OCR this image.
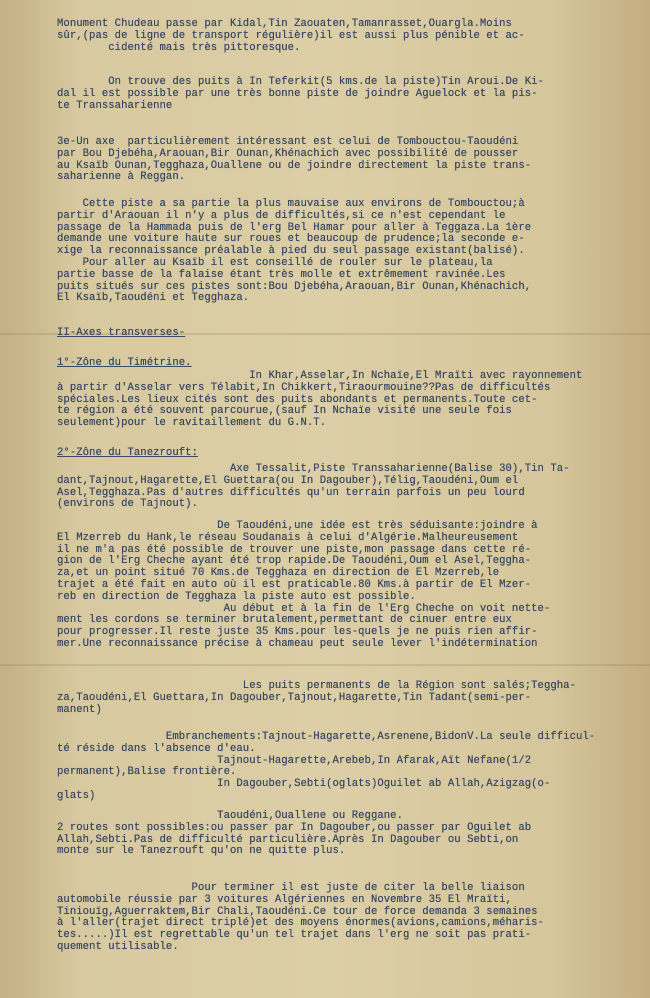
Monument Chudeau passe par Kidal,Tin Zaouaten,Tamanrasset,Ouargla.Moins
sûr,(pas de ligne de transport régulière)il est aussi plus pénible et ac-
cidenté mais très pittoresque.

On trouve des puits à In Teferkit(5 kms.de la piste)Tin Aroui.De Ki-
dal il est possible par une très bonne piste de joindre Aguelock et la pis-
te Transsaharienne

3e-Un axe  particulièrement intéressant est celui de Tombouctou-Taoudéni
par Bou Djebéha,Araouan,Bir Ounan,Khénachich avec possibilité de pousser
au Ksaïb Ounan,Tegghaza,Ouallene ou de joindre directement la piste trans-
saharienne à Reggan.

Cette piste a sa partie la plus mauvaise aux environs de Tombouctou;à
partir d'Araouan il n'y a plus de difficultés,si ce n'est cependant le
passage de la Hammada puis de l'erg Bel Hamar pour aller à Teggaza.La 1ère
demande une voiture haute sur roues et beaucoup de prudence;la seconde e-
xige la reconnaissance préalable à pied du seul passage existant(balisé).
Pour aller au Ksaïb il est conseillé de rouler sur le plateau,la
partie basse de la falaise étant très molle et extrêmement ravinée.Les
puits situés sur ces pistes sont:Bou Djebéha,Araouan,Bir Ounan,Khénachich,
El Ksaïb,Taoudéni et Tegghaza.

II-Axes transverses-

1°-Zône du Timétrine.

In Khar,Asselar,In Nchaïe,El Mraïti avec rayonnement
à partir d'Asselar vers Télabit,In Chikkert,Tiraourmouine??Pas de difficultés
spéciales.Les lieux cités sont des puits abondants et permanents.Toute cet-
te région a été souvent parcourue,(sauf In Nchaïe visité une seule fois
seulement)pour le ravitaillement du G.N.T.

2°-Zône du Tanezrouft:

Axe Tessalit,Piste Transsaharienne(Balise 30),Tin Ta-
dant,Tajnout,Hagarette,El Guettara(ou In Dagouber),Télig,Taoudéni,Oum el
Asel,Tegghaza.Pas d'autres difficultés qu'un terrain parfois un peu lourd
(environs de Tajnout).

De Taoudéni,une idée est très séduisante:joindre à
El Mzerreb du Hank,le réseau Soudanais à celui d'Algérie.Malheureusement
il ne m'a pas été possible de trouver une piste,mon passage dans cette ré-
gion de l'Erg Cheche ayant été trop rapide.De Taoudéni,Oum el Asel,Teggha-
za,et un point situé 70 Kms.de Tegghaza en direction de El Mzerreb,le
trajet a été fait en auto où il est praticable.80 Kms.à partir de El Mzer-
reb en direction de Tegghaza la piste auto est possible.
Au début et à la fin de l'Erg Cheche on voit nette-
ment les cordons se terminer brutalement,permettant de cinuer entre eux
pour progresser.Il reste juste 35 Kms.pour les-quels je ne puis rien affir-
mer.Une reconnaissance précise à chameau peut seule lever l'indétermination

Les puits permanents de la Région sont salés;Teggha-
za,Taoudéni,El Guettara,In Dagouber,Tajnout,Hagarette,Tin Tadant(semi-per-
manent)

Embranchements:Tajnout-Hagarette,Asrenene,BidonV.La seule difficul-
té réside dans l'absence d'eau.
Tajnout-Hagarette,Arebeb,In Afarak,Aït Nefane(1/2
permanent),Balise frontière.
In Dagouber,Sebti(oglats)Oguilet ab Allah,Azigzag(o-
glats)

Taoudéni,Ouallene ou Reggane.
2 routes sont possibles:ou passer par In Dagouber,ou passer par Oguilet ab
Allah,Sebti.Pas de difficulté particulière.Après In Dagouber ou Sebti,on
monte sur le Tanezrouft qu'on ne quitte plus.

Pour terminer il est juste de citer la belle liaison
automobile réussie par 3 voitures Algériennes en Novembre 35 El Mraïti,
Tiniouïg,Aguerraktem,Bir Chali,Taoudéni.Ce tour de force demanda 3 semaines
à l'aller(trajet direct triplé)et des moyens énormes(avions,camions,méharis-
tes.....)Il est regrettable qu'un tel trajet dans l'erg ne soit pas prati-
quement utilisable.
